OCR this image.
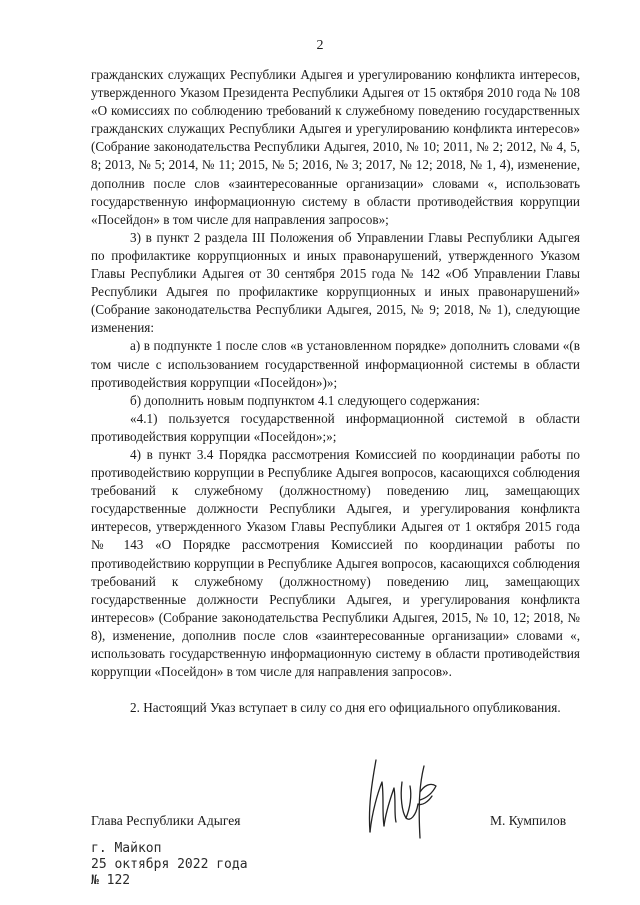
2

гражданских служащих Республики Адыгея и урегулированию конфликта интересов, утвержденного Указом Президента Республики Адыгея от 15 октября 2010 года № 108 «О комиссиях по соблюдению требований к служебному поведению государственных гражданских служащих Республики Адыгея и урегулированию конфликта интересов» (Собрание законодательства Республики Адыгея, 2010, № 10; 2011, № 2; 2012, № 4, 5, 8; 2013, № 5; 2014, № 11; 2015, № 5; 2016, № 3; 2017, № 12; 2018, № 1, 4), изменение, дополнив после слов «заинтересованные организации» словами «, использовать государственную информационную систему в области противодействия коррупции «Посейдон» в том числе для направления запросов»;

3) в пункт 2 раздела III Положения об Управлении Главы Республики Адыгея по профилактике коррупционных и иных правонарушений, утвержденного Указом Главы Республики Адыгея от 30 сентября 2015 года № 142 «Об Управлении Главы Республики Адыгея по профилактике коррупционных и иных правонарушений» (Собрание законодательства Республики Адыгея, 2015, № 9; 2018, № 1), следующие изменения:

а) в подпункте 1 после слов «в установленном порядке» дополнить словами «(в том числе с использованием государственной информационной системы в области противодействия коррупции «Посейдон»)»;

б) дополнить новым подпунктом 4.1 следующего содержания:

«4.1) пользуется государственной информационной системой в области противодействия коррупции «Посейдон»;»;

4) в пункт 3.4 Порядка рассмотрения Комиссией по координации работы по противодействию коррупции в Республике Адыгея вопросов, касающихся соблюдения требований к служебному (должностному) поведению лиц, замещающих государственные должности Республики Адыгея, и урегулирования конфликта интересов, утвержденного Указом Главы Республики Адыгея от 1 октября 2015 года № 143 «О Порядке рассмотрения Комиссией по координации работы по противодействию коррупции в Республике Адыгея вопросов, касающихся соблюдения требований к служебному (должностному) поведению лиц, замещающих государственные должности Республики Адыгея, и урегулирования конфликта интересов» (Собрание законодательства Республики Адыгея, 2015, № 10, 12; 2018, № 8), изменение, дополнив после слов «заинтересованные организации» словами «, использовать государственную информационную систему в области противодействия коррупции «Посейдон» в том числе для направления запросов».

2. Настоящий Указ вступает в силу со дня его официального опубликования.

Глава Республики Адыгея	М. Кумпилов
г. Майкоп
25 октября 2022 года
№ 122
